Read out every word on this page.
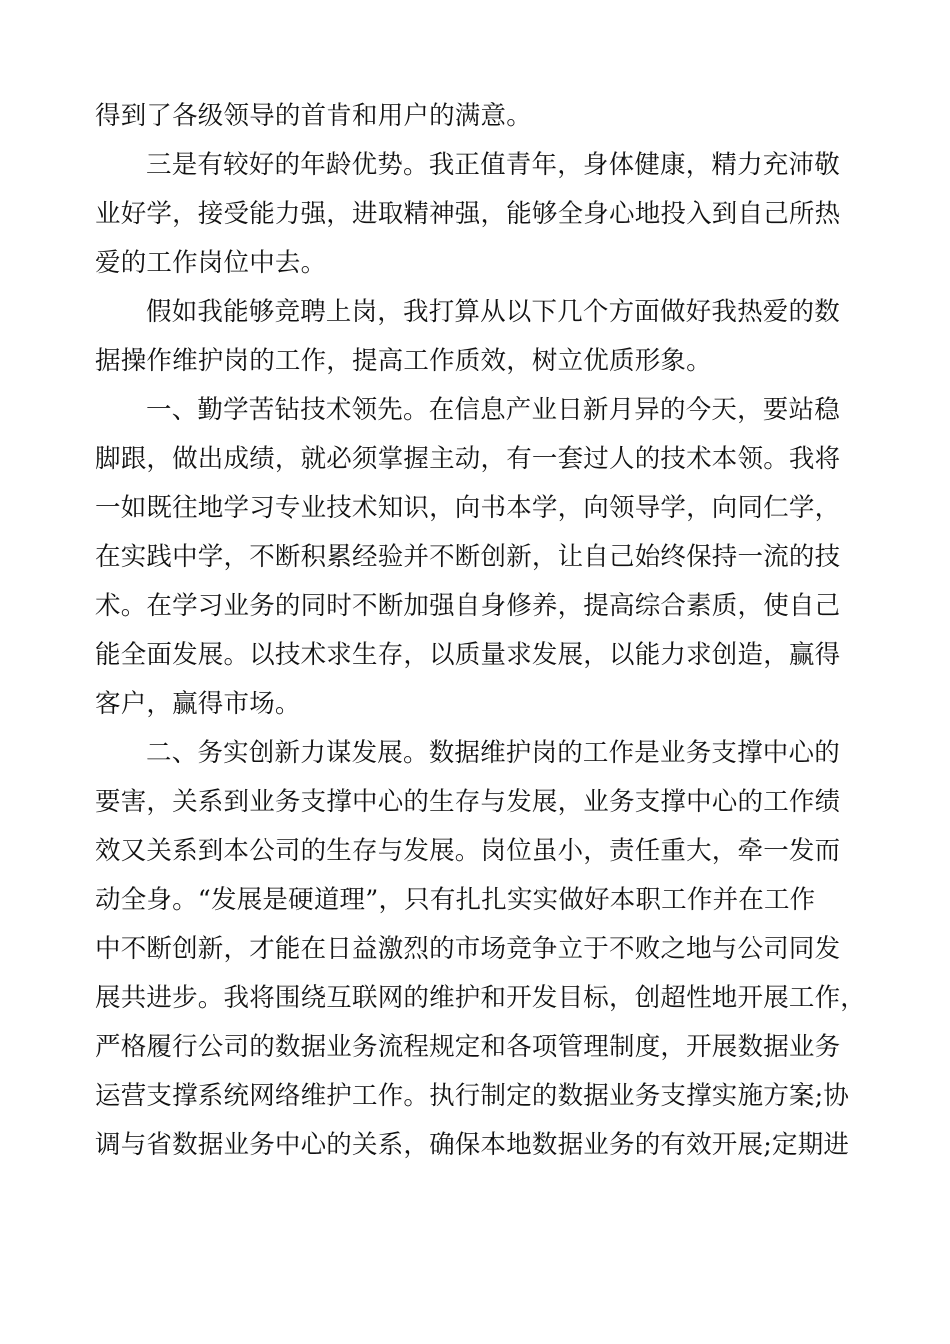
得到了各级领导的首肯和用户的满意。
三是有较好的年龄优势。我正值青年，身体健康，精力充沛敬
业好学，接受能力强，进取精神强，能够全身心地投入到自己所热
爱的工作岗位中去。
假如我能够竞聘上岗，我打算从以下几个方面做好我热爱的数
据操作维护岗的工作，提高工作质效，树立优质形象。
一、勤学苦钻技术领先。在信息产业日新月异的今天，要站稳
脚跟，做出成绩，就必须掌握主动，有一套过人的技术本领。我将
一如既往地学习专业技术知识，向书本学，向领导学，向同仁学，
在实践中学，不断积累经验并不断创新，让自己始终保持一流的技
术。在学习业务的同时不断加强自身修养，提高综合素质，使自己
能全面发展。以技术求生存，以质量求发展，以能力求创造，赢得
客户，赢得市场。
二、务实创新力谋发展。数据维护岗的工作是业务支撑中心的
要害，关系到业务支撑中心的生存与发展，业务支撑中心的工作绩
效又关系到本公司的生存与发展。岗位虽小，责任重大，牵一发而
动全身。“发展是硬道理”，只有扎扎实实做好本职工作并在工作
中不断创新，才能在日益激烈的市场竞争立于不败之地与公司同发
展共进步。我将围绕互联网的维护和开发目标，创超性地开展工作，
严格履行公司的数据业务流程规定和各项管理制度，开展数据业务
运营支撑系统网络维护工作。执行制定的数据业务支撑实施方案;协
调与省数据业务中心的关系，确保本地数据业务的有效开展;定期进
